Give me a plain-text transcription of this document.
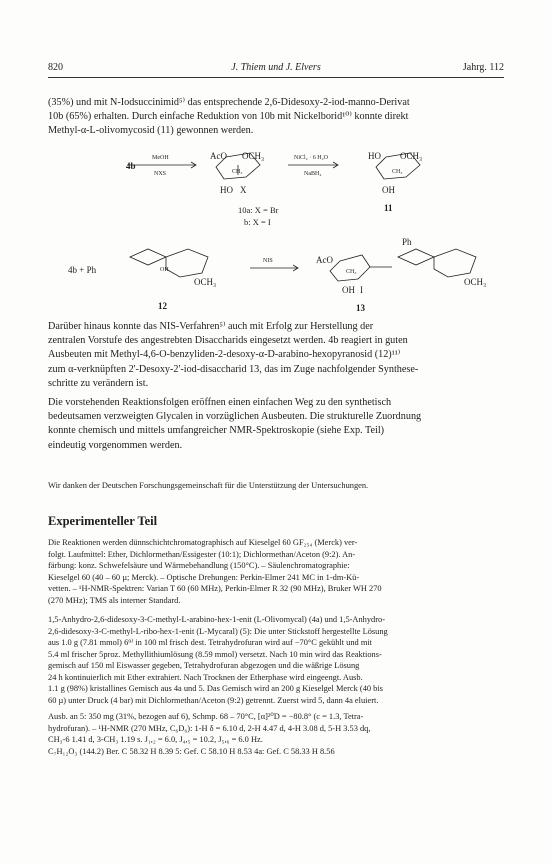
820	J. Thiem und J. Elvers	Jahrg. 112
(35%) und mit N-Iodsuccinimid⁵⁾ das entsprechende 2,6-Didesoxy-2-iod-manno-Derivat
10b (65%) erhalten. Durch einfache Reduktion von 10b mit Nickelborid¹⁰⁾ konnte direkt
Methyl-α-L-olivomycosid (11) gewonnen werden.
4b
MeOH
NXS
AcO OCH₃
CH₃
HO X
10a: X = Br
b: X = I
NiCl₂ · 6 H₂O
NaBH₄
HO OCH₃
CH₃
OH
11
4b + Ph	OH
OCH₃
12
NIS
Ph
AcO
CH₃
OH I
OCH₃
13
Darüber hinaus konnte das NIS-Verfahren⁵⁾ auch mit Erfolg zur Herstellung der
zentralen Vorstufe des angestrebten Disaccharids eingesetzt werden. 4b reagiert in guten
Ausbeuten mit Methyl-4,6-O-benzyliden-2-desoxy-α-D-arabino-hexopyranosid (12)¹¹⁾
zum α-verknüpften 2'-Desoxy-2'-iod-disaccharid 13, das im Zuge nachfolgender Synthese-
schritte zu verändern ist.
Die vorstehenden Reaktionsfolgen eröffnen einen einfachen Weg zu den synthetisch
bedeutsamen verzweigten Glycalen in vorzüglichen Ausbeuten. Die strukturelle Zuordnung
konnte chemisch und mittels umfangreicher NMR-Spektroskopie (siehe Exp. Teil)
eindeutig vorgenommen werden.
Wir danken der Deutschen Forschungsgemeinschaft für die Unterstützung der Untersuchungen.
Experimenteller Teil
Die Reaktionen werden dünnschichtchromatographisch auf Kieselgel 60 GF₂₅₄ (Merck) ver-
folgt. Laufmittel: Ether, Dichlormethan/Essigester (10:1); Dichlormethan/Aceton (9:2). An-
färbung: konz. Schwefelsäure und Wärmebehandlung (150°C). – Säulenchromatographie:
Kieselgel 60 (40 – 60 µ; Merck). – Optische Drehungen: Perkin-Elmer 241 MC in 1-dm-Kü-
vetten. – ¹H-NMR-Spektren: Varian T 60 (60 MHz), Perkin-Elmer R 32 (90 MHz), Bruker WH 270
(270 MHz); TMS als interner Standard.
1,5-Anhydro-2,6-didesoxy-3-C-methyl-L-arabino-hex-1-enit (L-Olivomycal) (4a) und 1,5-Anhydro-
2,6-didesoxy-3-C-methyl-L-ribo-hex-1-enit (L-Mycaral) (5): Die unter Stickstoff hergestellte Lösung
aus 1.0 g (7.81 mmol) 6⁹⁾ in 100 ml frisch dest. Tetrahydrofuran wird auf −70°C gekühlt und mit
5.4 ml frischer 5proz. Methyllithiumlösung (8.59 mmol) versetzt. Nach 10 min wird das Reaktions-
gemisch auf 150 ml Eiswasser gegeben, Tetrahydrofuran abgezogen und die wäßrige Lösung
24 h kontinuierlich mit Ether extrahiert. Nach Trocknen der Etherphase wird eingeengt. Ausb.
1.1 g (98%) kristallines Gemisch aus 4a und 5. Das Gemisch wird an 200 g Kieselgel Merck (40 bis
60 µ) unter Druck (4 bar) mit Dichlormethan/Aceton (9:2) getrennt. Zuerst wird 5, dann 4a eluiert.
Ausb. an 5: 350 mg (31%, bezogen auf 6), Schmp. 68 – 70°C, [α]²⁰D = −80.8° (c = 1.3, Tetra-
hydrofuran). – ¹H-NMR (270 MHz, C₆D₆): 1-H δ = 6.10 d, 2-H 4.47 d, 4-H 3.08 d, 5-H 3.53 dq,
CH₃-6 1.41 d, 3-CH₃ 1.19 s. J₁,₂ = 6.0, J₄,₅ = 10.2, J₅,₆ = 6.0 Hz.
C₇H₁₂O₃ (144.2) Ber. C 58.32 H 8.39 5: Gef. C 58.10 H 8.53 4a: Gef. C 58.33 H 8.56
